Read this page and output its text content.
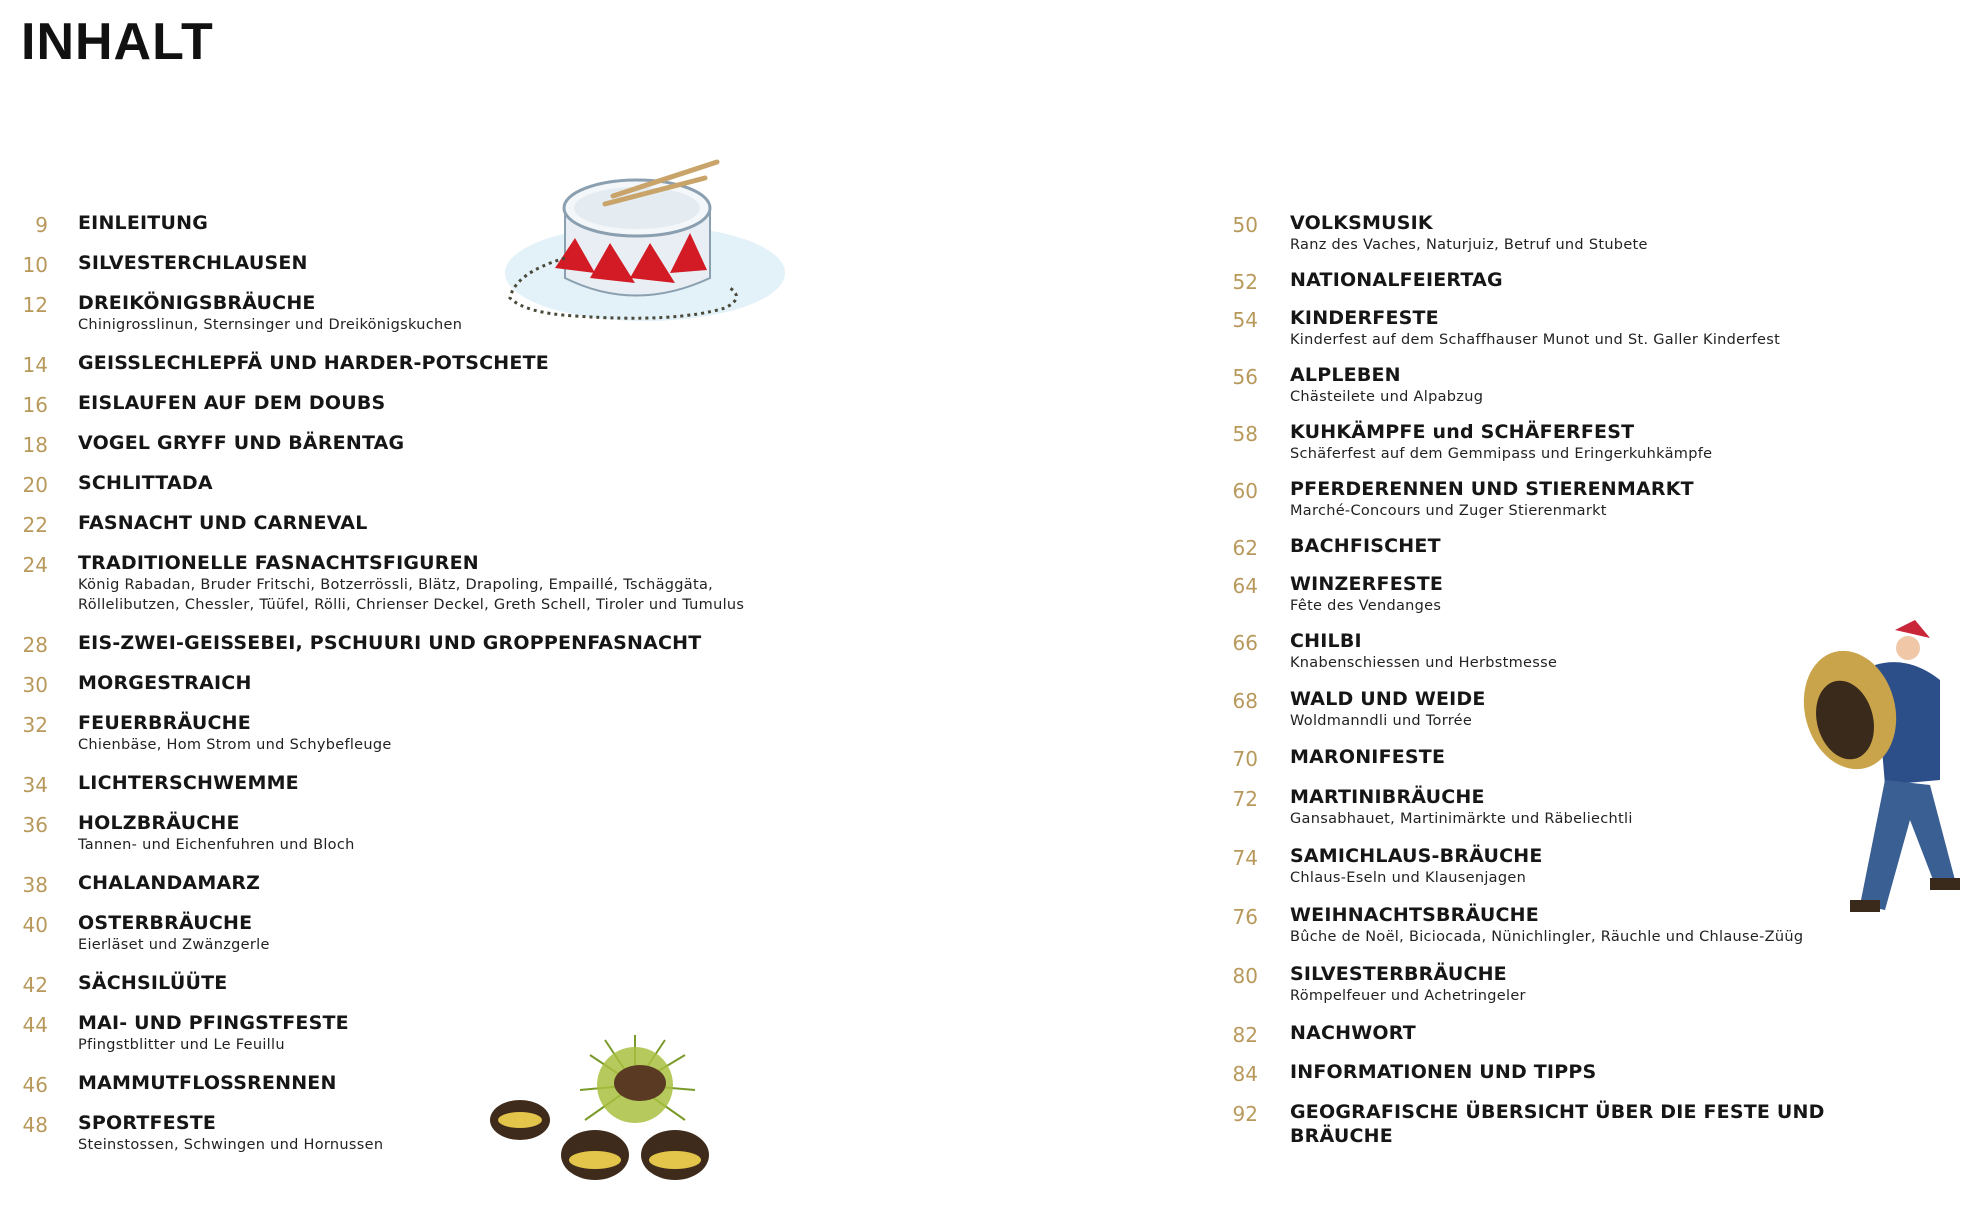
INHALT
9 EINLEITUNG
10 SILVESTERCHLAUSEN
12 DREIKÖNIGSBRÄUCHE
Chinigrosslinun, Sternsinger und Dreikönigskuchen
14 GEISSLECHLEPFÄ UND HARDER-POTSCHETE
16 EISLAUFEN AUF DEM DOUBS
18 VOGEL GRYFF UND BÄRENTAG
20 SCHLITTADA
22 FASNACHT UND CARNEVAL
24 TRADITIONELLE FASNACHTSFIGUREN
König Rabadan, Bruder Fritschi, Botzerrössli, Blätz, Drapoling, Empaillé, Tschäggäta,
Röllelibutzen, Chessler, Tüüfel, Rölli, Chrienser Deckel, Greth Schell, Tiroler und Tumulus
28 EIS-ZWEI-GEISSEBEI, PSCHUURI UND GROPPENFASNACHT
30 MORGESTRAICH
32 FEUERBRÄUCHE
Chienbäse, Hom Strom und Schybefleuge
34 LICHTERSCHWEMME
36 HOLZBRÄUCHE
Tannen- und Eichenfuhren und Bloch
38 CHALANDAMARZ
40 OSTERBRÄUCHE
Eierläset und Zwänzgerle
42 SÄCHSILÜÜTE
44 MAI- UND PFINGSTFESTE
Pfingstblitter und Le Feuillu
46 MAMMUTFLOSSRENNEN
48 SPORTFESTE
Steinstossen, Schwingen und Hornussen
50 VOLKSMUSIK
Ranz des Vaches, Naturjuiz, Betruf und Stubete
52 NATIONALFEIERTAG
54 KINDERFESTE
Kinderfest auf dem Schaffhauser Munot und St. Galler Kinderfest
56 ALPLEBEN
Chästeilete und Alpabzug
58 KUHKÄMPFE und SCHÄFERFEST
Schäferfest auf dem Gemmipass und Eringerkuhkämpfe
60 PFERDERENNEN UND STIERENMARKT
Marché-Concours und Zuger Stierenmarkt
62 BACHFISCHET
64 WINZERFESTE
Fête des Vendanges
66 CHILBI
Knabenschiessen und Herbstmesse
68 WALD UND WEIDE
Woldmanndli und Torrée
70 MARONIFESTE
72 MARTINIBRÄUCHE
Gansabhauet, Martinimärkte und Räbeliechtli
74 SAMICHLAUS-BRÄUCHE
Chlaus-Eseln und Klausenjagen
76 WEIHNACHTSBRÄUCHE
Bûche de Noël, Biciocada, Nünichlingler, Räuchle und Chlause-Züüg
80 SILVESTERBRÄUCHE
Römpelfeuer und Achetringeler
82 NACHWORT
84 INFORMATIONEN UND TIPPS
92 GEOGRAFISCHE ÜBERSICHT ÜBER DIE FESTE UND BRÄUCHE
